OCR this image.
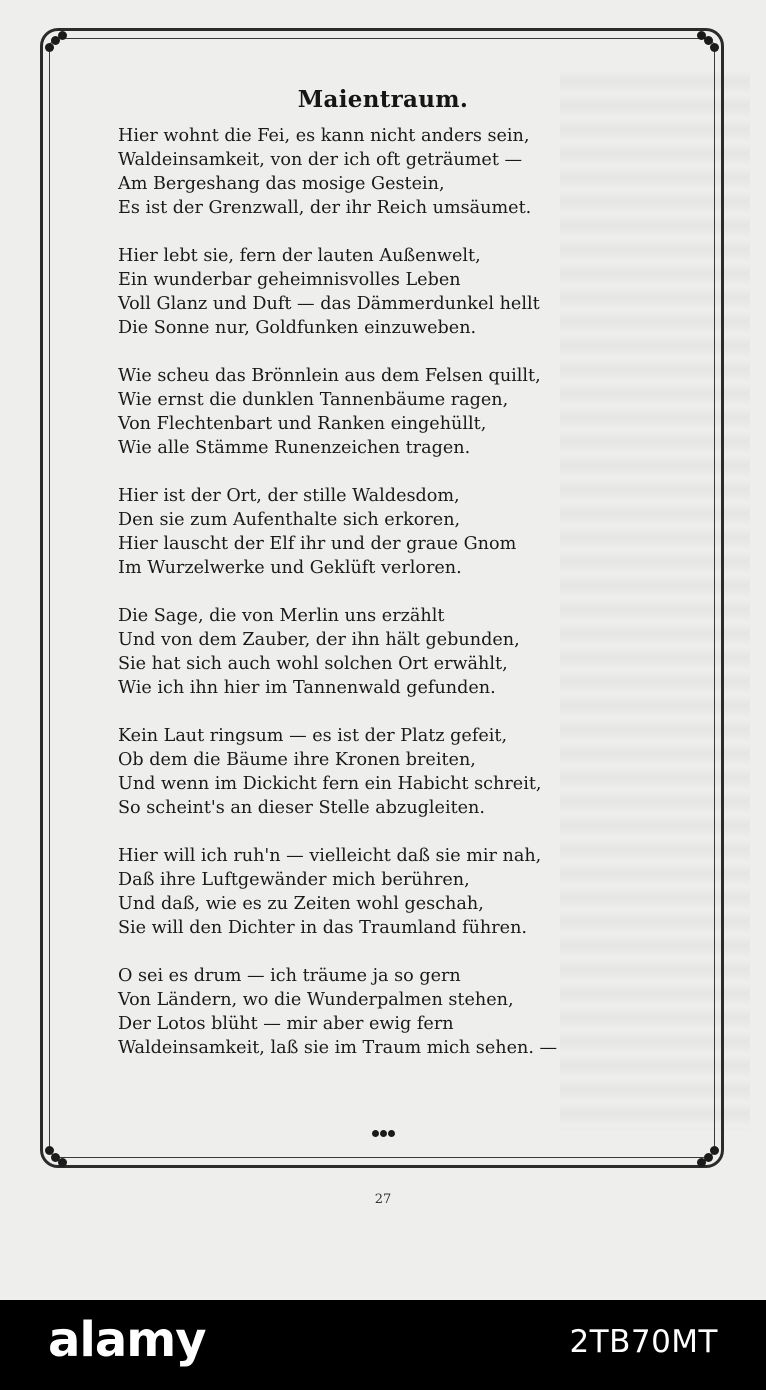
Maientraum.
Hier wohnt die Fei, es kann nicht anders sein,
Waldeinsamkeit, von der ich oft geträumet —
Am Bergeshang das mosige Gestein,
Es ist der Grenzwall, der ihr Reich umsäumet.
Hier lebt sie, fern der lauten Außenwelt,
Ein wunderbar geheimnisvolles Leben
Voll Glanz und Duft — das Dämmerdunkel hellt
Die Sonne nur, Goldfunken einzuweben.
Wie scheu das Brönnlein aus dem Felsen quillt,
Wie ernst die dunklen Tannenbäume ragen,
Von Flechtenbart und Ranken eingehüllt,
Wie alle Stämme Runenzeichen tragen.
Hier ist der Ort, der stille Waldesdom,
Den sie zum Aufenthalte sich erkoren,
Hier lauscht der Elf ihr und der graue Gnom
Im Wurzelwerke und Geklüft verloren.
Die Sage, die von Merlin uns erzählt
Und von dem Zauber, der ihn hält gebunden,
Sie hat sich auch wohl solchen Ort erwählt,
Wie ich ihn hier im Tannenwald gefunden.
Kein Laut ringsum — es ist der Platz gefeit,
Ob dem die Bäume ihre Kronen breiten,
Und wenn im Dickicht fern ein Habicht schreit,
So scheint's an dieser Stelle abzugleiten.
Hier will ich ruh'n — vielleicht daß sie mir nah,
Daß ihre Luftgewänder mich berühren,
Und daß, wie es zu Zeiten wohl geschah,
Sie will den Dichter in das Traumland führen.
O sei es drum — ich träume ja so gern
Von Ländern, wo die Wunderpalmen stehen,
Der Lotos blüht — mir aber ewig fern
Waldeinsamkeit, laß sie im Traum mich sehen. —
27
alamy	2TB70MT
